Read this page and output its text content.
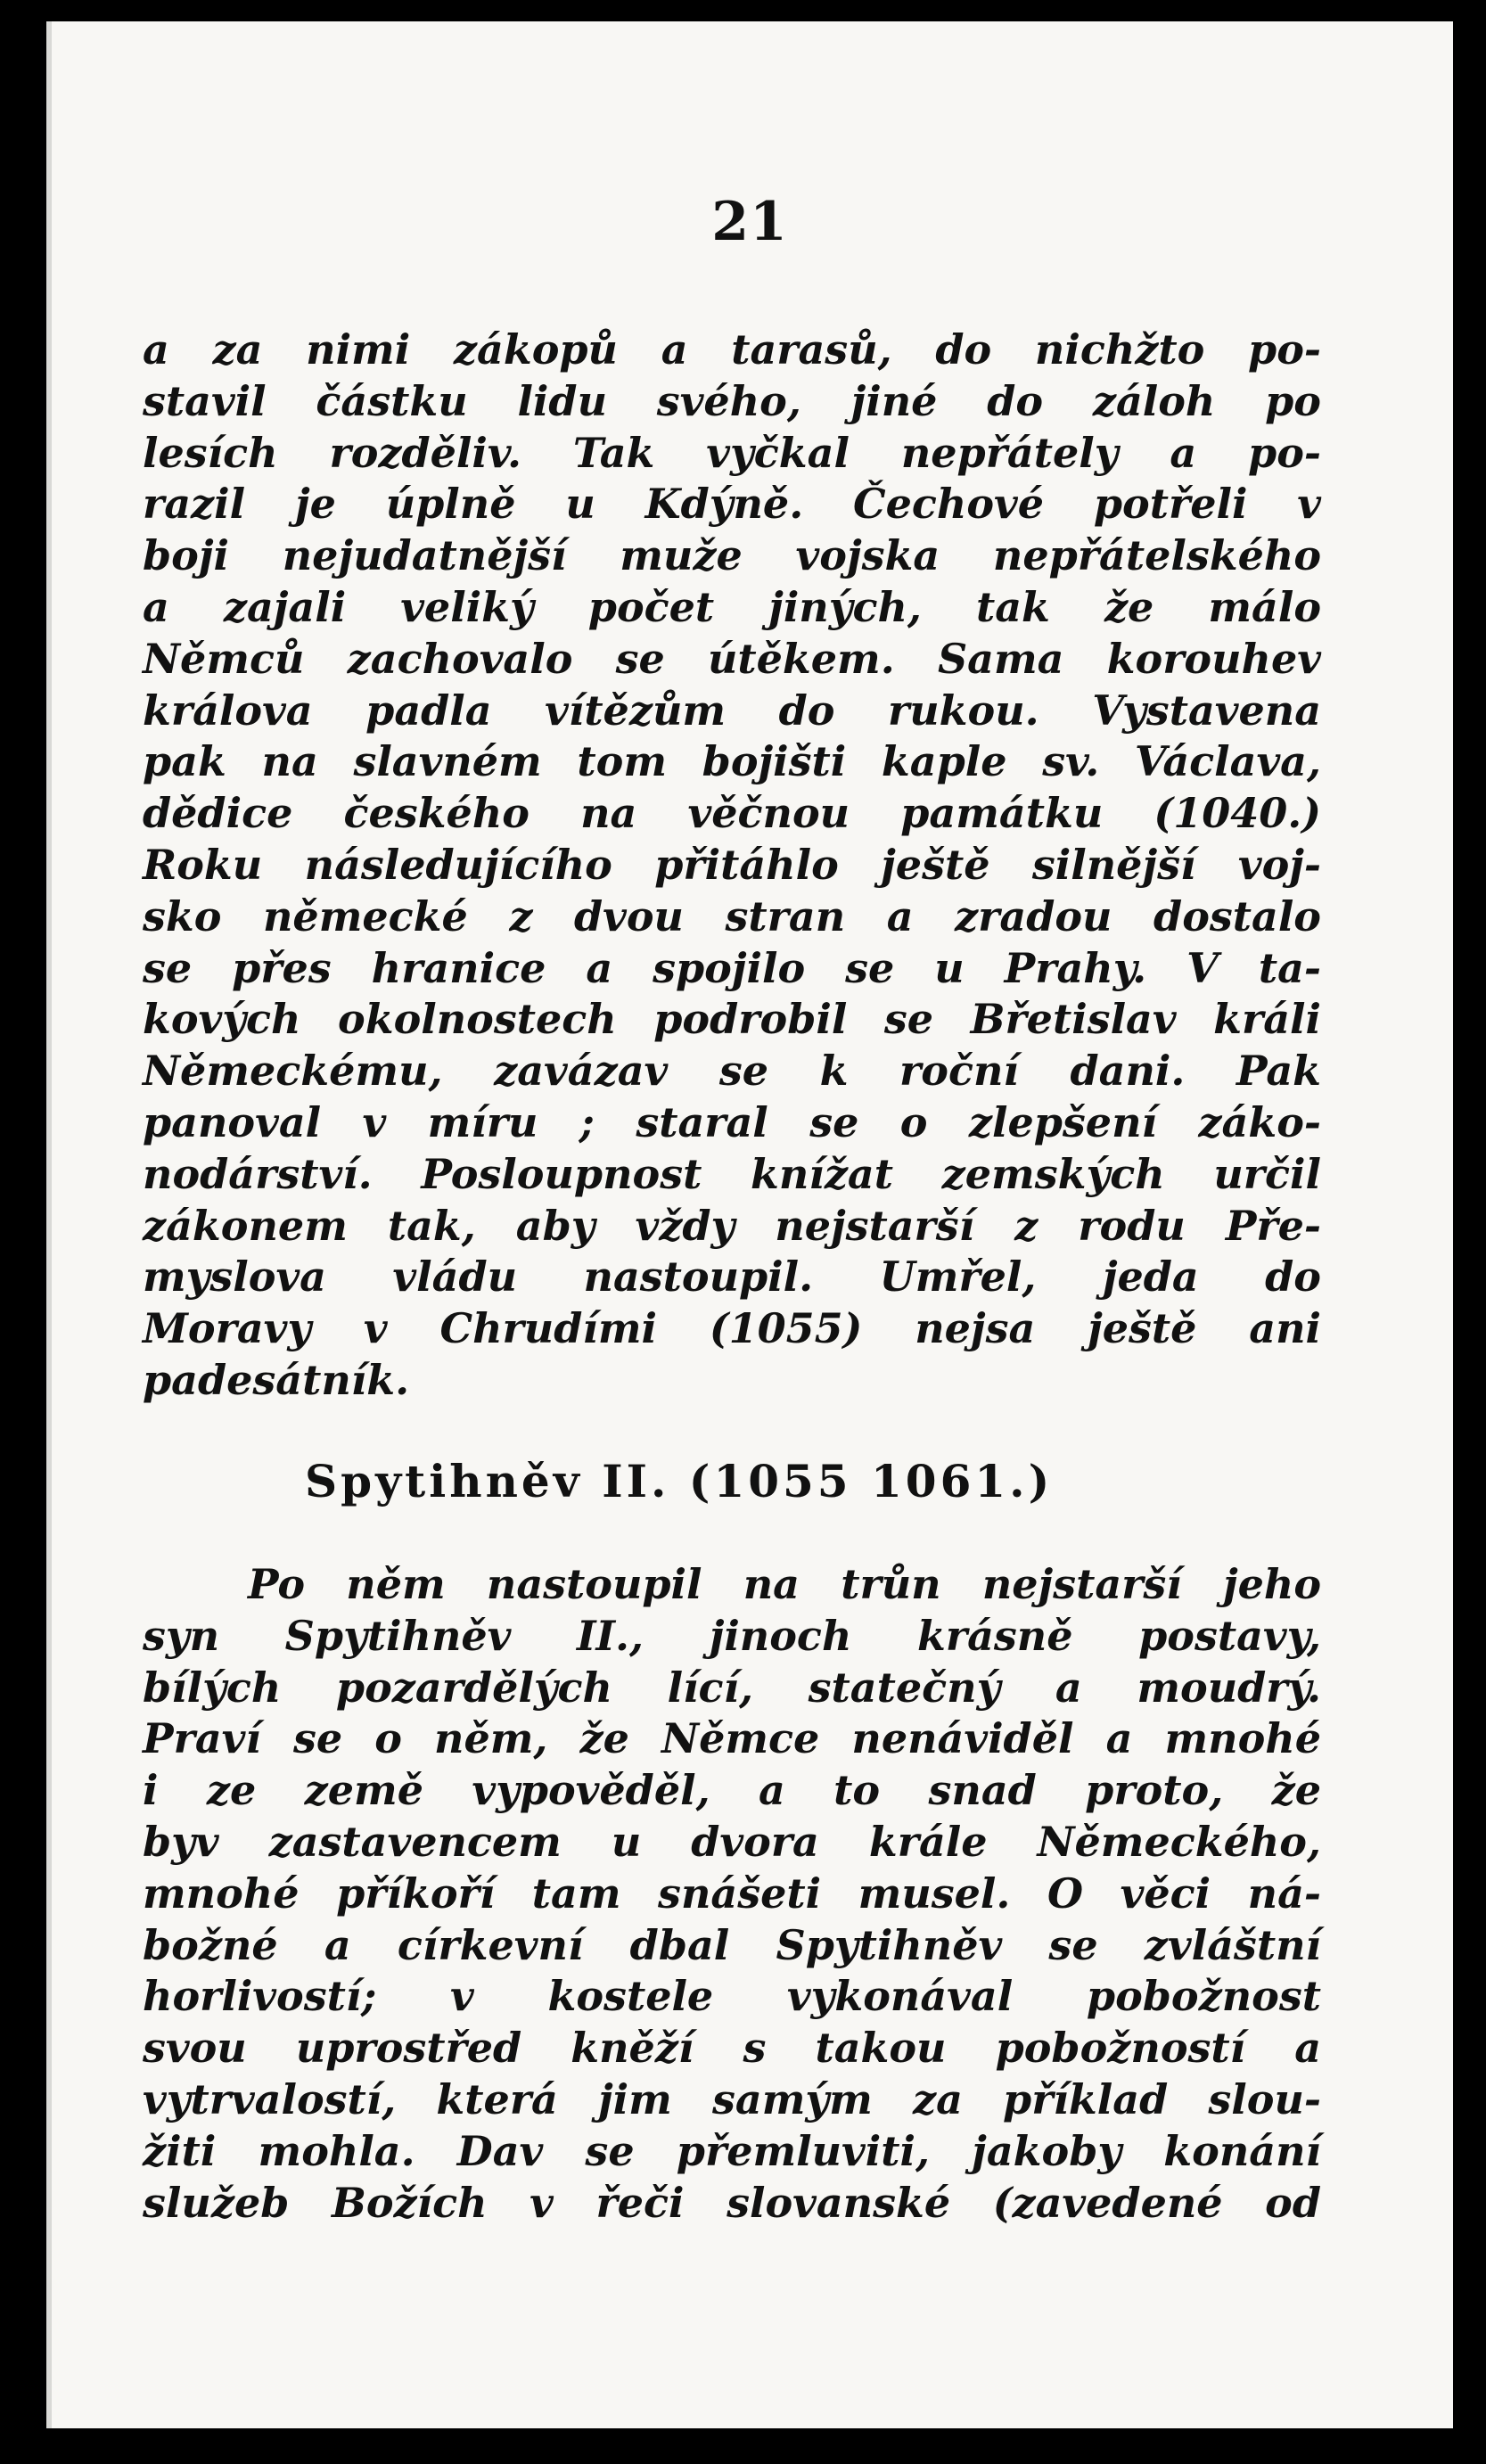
21
a za nimi zákopů a tarasů, do nichžto po-
stavil částku lidu svého, jiné do záloh po
lesích rozděliv. Tak vyčkal nepřátely a po-
razil je úplně u Kdýně. Čechové potřeli v
boji nejudatnější muže vojska nepřátelského
a zajali veliký počet jiných, tak že málo
Němců zachovalo se útěkem. Sama korouhev
králova padla vítězům do rukou. Vystavena
pak na slavném tom bojišti kaple sv. Václava,
dědice českého na věčnou památku (1040.)
Roku následujícího přitáhlo ještě silnější voj-
sko německé z dvou stran a zradou dostalo
se přes hranice a spojilo se u Prahy. V ta-
kových okolnostech podrobil se Břetislav králi
Německému, zavázav se k roční dani. Pak
panoval v míru ; staral se o zlepšení záko-
nodárství. Posloupnost knížat zemských určil
zákonem tak, aby vždy nejstarší z rodu Pře-
myslova vládu nastoupil. Umřel, jeda do
Moravy v Chrudími (1055) nejsa ještě ani
padesátník.
Spytihněv II. (1055 1061.)
Po něm nastoupil na trůn nejstarší jeho
syn Spytihněv II., jinoch krásně postavy,
bílých pozardělých lící, statečný a moudrý.
Praví se o něm, že Němce nenáviděl a mnohé
i ze země vypověděl, a to snad proto, že
byv zastavencem u dvora krále Německého,
mnohé příkoří tam snášeti musel. O věci ná-
božné a církevní dbal Spytihněv se zvláštní
horlivostí; v kostele vykonával pobožnost
svou uprostřed kněží s takou pobožností a
vytrvalostí, která jim samým za příklad slou-
žiti mohla. Dav se přemluviti, jakoby konání
služeb Božích v řeči slovanské (zavedené od
